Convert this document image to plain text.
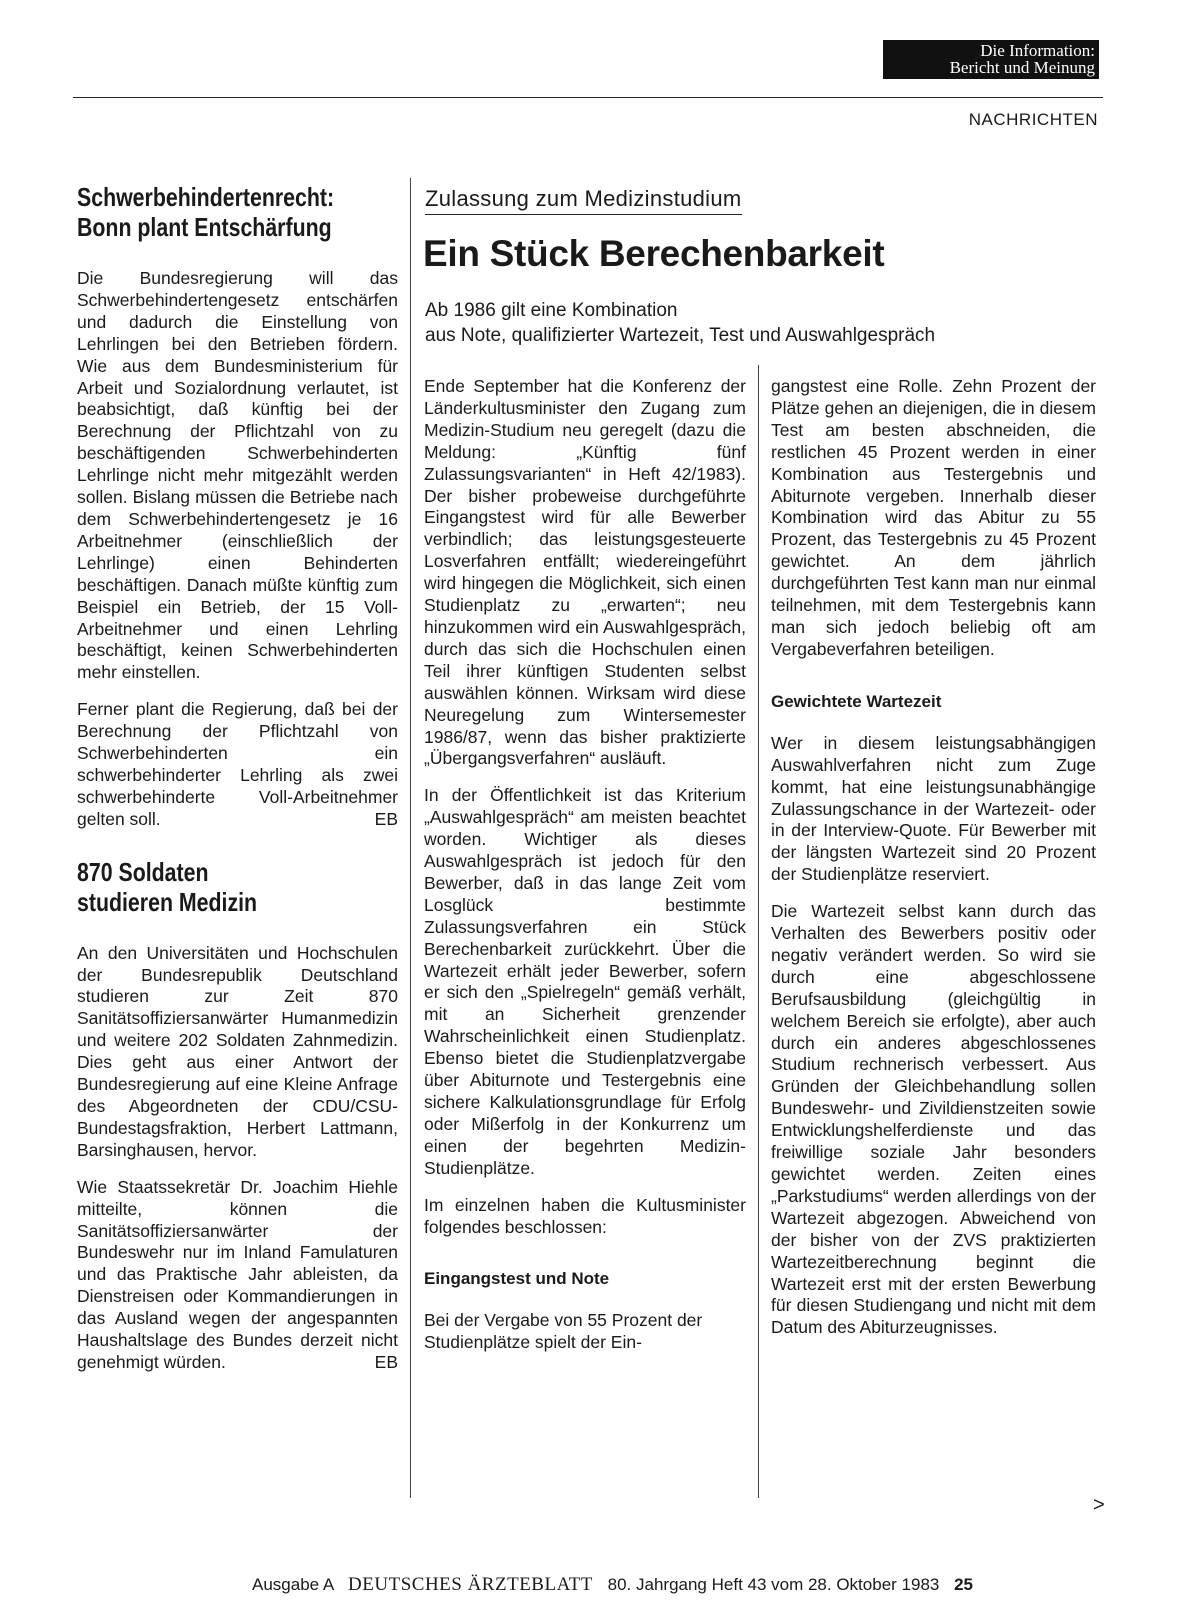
Die Information:
Bericht und Meinung
NACHRICHTEN
Schwerbehindertenrecht:
Bonn plant Entschärfung

Die Bundesregierung will das Schwerbehindertengesetz entschärfen und dadurch die Einstellung von Lehrlingen bei den Betrieben fördern. Wie aus dem Bundesministerium für Arbeit und Sozialordnung verlautet, ist beabsichtigt, daß künftig bei der Berechnung der Pflichtzahl von zu beschäftigenden Schwerbehinderten Lehrlinge nicht mehr mitgezählt werden sollen. Bislang müssen die Betriebe nach dem Schwerbehindertengesetz je 16 Arbeitnehmer (einschließlich der Lehrlinge) einen Behinderten beschäftigen. Danach müßte künftig zum Beispiel ein Betrieb, der 15 Voll-Arbeitnehmer und einen Lehrling beschäftigt, keinen Schwerbehinderten mehr einstellen.

Ferner plant die Regierung, daß bei der Berechnung der Pflichtzahl von Schwerbehinderten ein schwerbehinderter Lehrling als zwei schwerbehinderte Voll-Arbeitnehmer gelten soll.	EB

870 Soldaten
studieren Medizin

An den Universitäten und Hochschulen der Bundesrepublik Deutschland studieren zur Zeit 870 Sanitätsoffiziersanwärter Humanmedizin und weitere 202 Soldaten Zahnmedizin. Dies geht aus einer Antwort der Bundesregierung auf eine Kleine Anfrage des Abgeordneten der CDU/CSU-Bundestagsfraktion, Herbert Lattmann, Barsinghausen, hervor.

Wie Staatssekretär Dr. Joachim Hiehle mitteilte, können die Sanitätsoffiziersanwärter der Bundeswehr nur im Inland Famulaturen und das Praktische Jahr ableisten, da Dienstreisen oder Kommandierungen in das Ausland wegen der angespannten Haushaltslage des Bundes derzeit nicht genehmigt würden.	EB

Zulassung zum Medizinstudium
Ein Stück Berechenbarkeit
Ab 1986 gilt eine Kombination
aus Note, qualifizierter Wartezeit, Test und Auswahlgespräch

Ende September hat die Konferenz der Länderkultusminister den Zugang zum Medizin-Studium neu geregelt (dazu die Meldung: „Künftig fünf Zulassungsvarianten“ in Heft 42/1983). Der bisher probeweise durchgeführte Eingangstest wird für alle Bewerber verbindlich; das leistungsgesteuerte Losverfahren entfällt; wiedereingeführt wird hingegen die Möglichkeit, sich einen Studienplatz zu „erwarten“; neu hinzukommen wird ein Auswahlgespräch, durch das sich die Hochschulen einen Teil ihrer künftigen Studenten selbst auswählen können. Wirksam wird diese Neuregelung zum Wintersemester 1986/87, wenn das bisher praktizierte „Übergangsverfahren“ ausläuft.

In der Öffentlichkeit ist das Kriterium „Auswahlgespräch“ am meisten beachtet worden. Wichtiger als dieses Auswahlgespräch ist jedoch für den Bewerber, daß in das lange Zeit vom Losglück bestimmte Zulassungsverfahren ein Stück Berechenbarkeit zurückkehrt. Über die Wartezeit erhält jeder Bewerber, sofern er sich den „Spielregeln“ gemäß verhält, mit an Sicherheit grenzender Wahrscheinlichkeit einen Studienplatz. Ebenso bietet die Studienplatzvergabe über Abiturnote und Testergebnis eine sichere Kalkulationsgrundlage für Erfolg oder Mißerfolg in der Konkurrenz um einen der begehrten Medizin-Studienplätze.

Im einzelnen haben die Kultusminister folgendes beschlossen:

Eingangstest und Note

Bei der Vergabe von 55 Prozent der Studienplätze spielt der Ein-

gangstest eine Rolle. Zehn Prozent der Plätze gehen an diejenigen, die in diesem Test am besten abschneiden, die restlichen 45 Prozent werden in einer Kombination aus Testergebnis und Abiturnote vergeben. Innerhalb dieser Kombination wird das Abitur zu 55 Prozent, das Testergebnis zu 45 Prozent gewichtet. An dem jährlich durchgeführten Test kann man nur einmal teilnehmen, mit dem Testergebnis kann man sich jedoch beliebig oft am Vergabeverfahren beteiligen.

Gewichtete Wartezeit

Wer in diesem leistungsabhängigen Auswahlverfahren nicht zum Zuge kommt, hat eine leistungsunabhängige Zulassungschance in der Wartezeit- oder in der Interview-Quote. Für Bewerber mit der längsten Wartezeit sind 20 Prozent der Studienplätze reserviert.

Die Wartezeit selbst kann durch das Verhalten des Bewerbers positiv oder negativ verändert werden. So wird sie durch eine abgeschlossene Berufsausbildung (gleichgültig in welchem Bereich sie erfolgte), aber auch durch ein anderes abgeschlossenes Studium rechnerisch verbessert. Aus Gründen der Gleichbehandlung sollen Bundeswehr- und Zivildienstzeiten sowie Entwicklungshelferdienste und das freiwillige soziale Jahr besonders gewichtet werden. Zeiten eines „Parkstudiums“ werden allerdings von der Wartezeit abgezogen. Abweichend von der bisher von der ZVS praktizierten Wartezeitberechnung beginnt die Wartezeit erst mit der ersten Bewerbung für diesen Studiengang und nicht mit dem Datum des Abiturzeugnisses.

>
Ausgabe A DEUTSCHES ÄRZTEBLATT 80. Jahrgang Heft 43 vom 28. Oktober 1983 25
